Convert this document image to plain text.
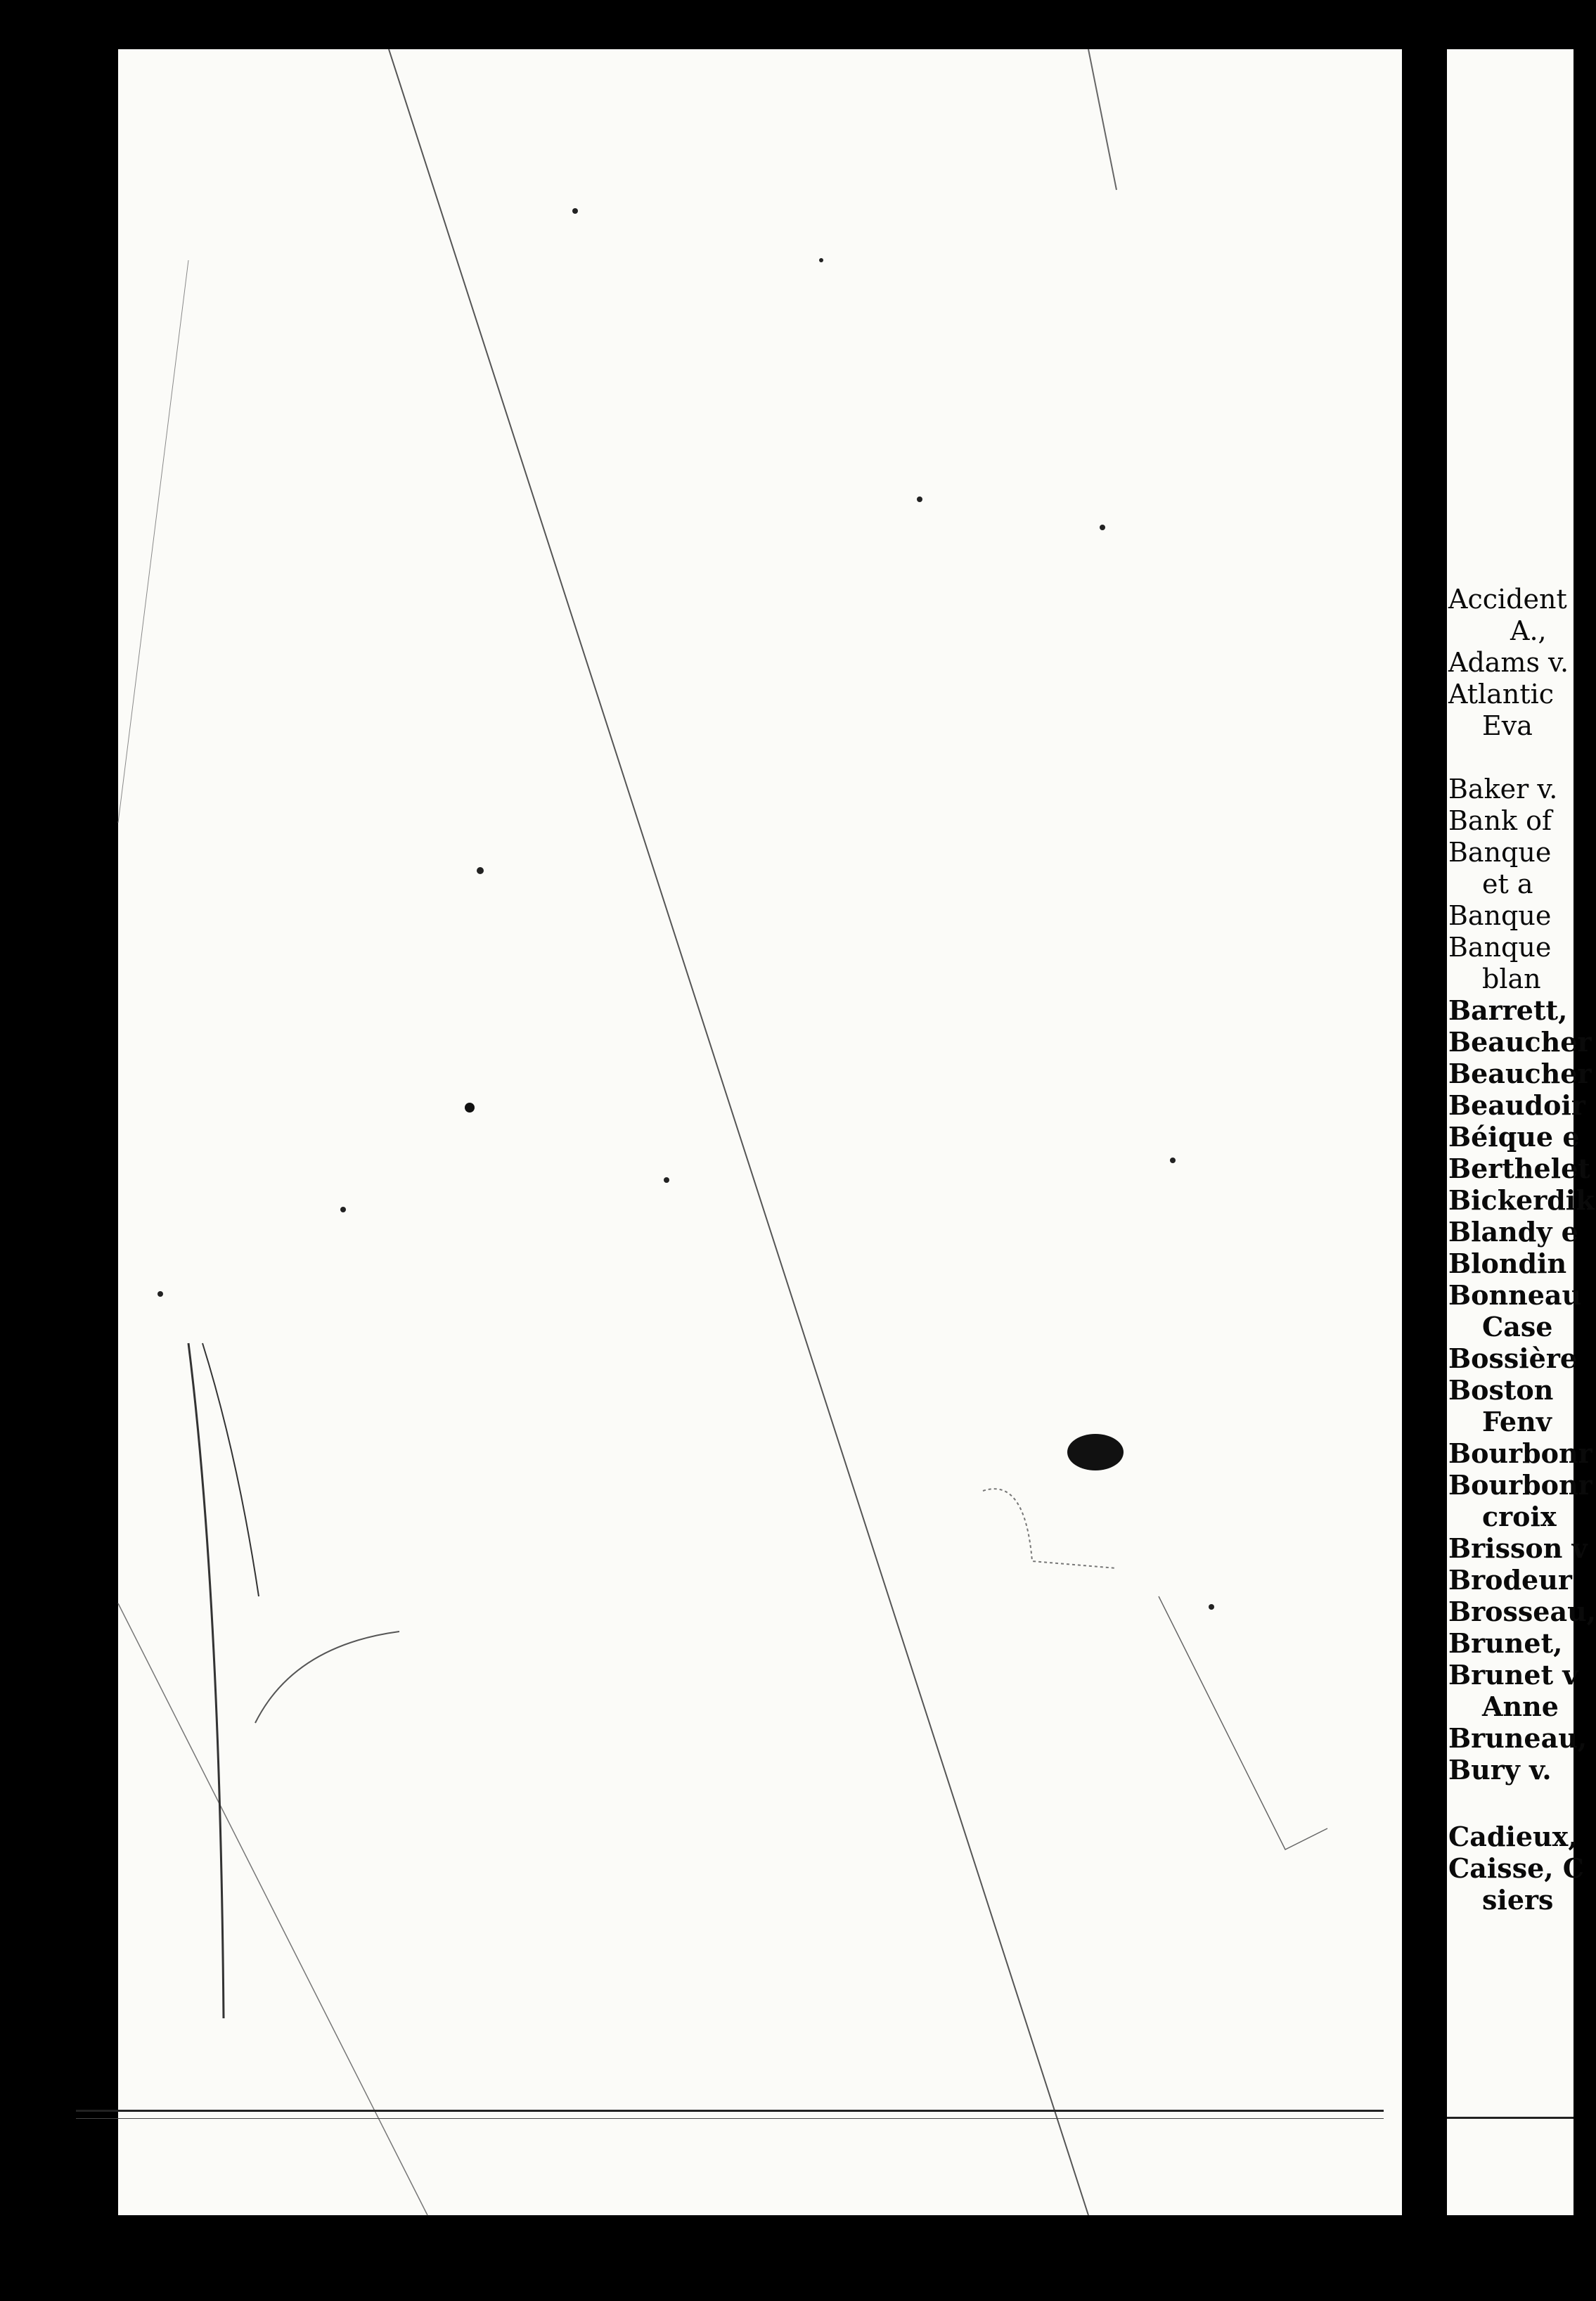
Accident
A.,
Adams v.
Atlantic
Eva
Baker v.
Bank of
Banque
et a
Banque
Banque
blan
Barrett,
Beaucher
Beaucher
Beaudoir
Béique e
Berthelet
Bickerdik
Blandy e
Blondin
Bonneau
Case
Bossière
Boston
Fenv
Bourbonr
Bourbonr
croix
Brisson v
Brodeur
Brosseau,
Brunet,
Brunet v
Anne
Bruneau,
Bury v.
Cadieux,
Caisse, C
siers
